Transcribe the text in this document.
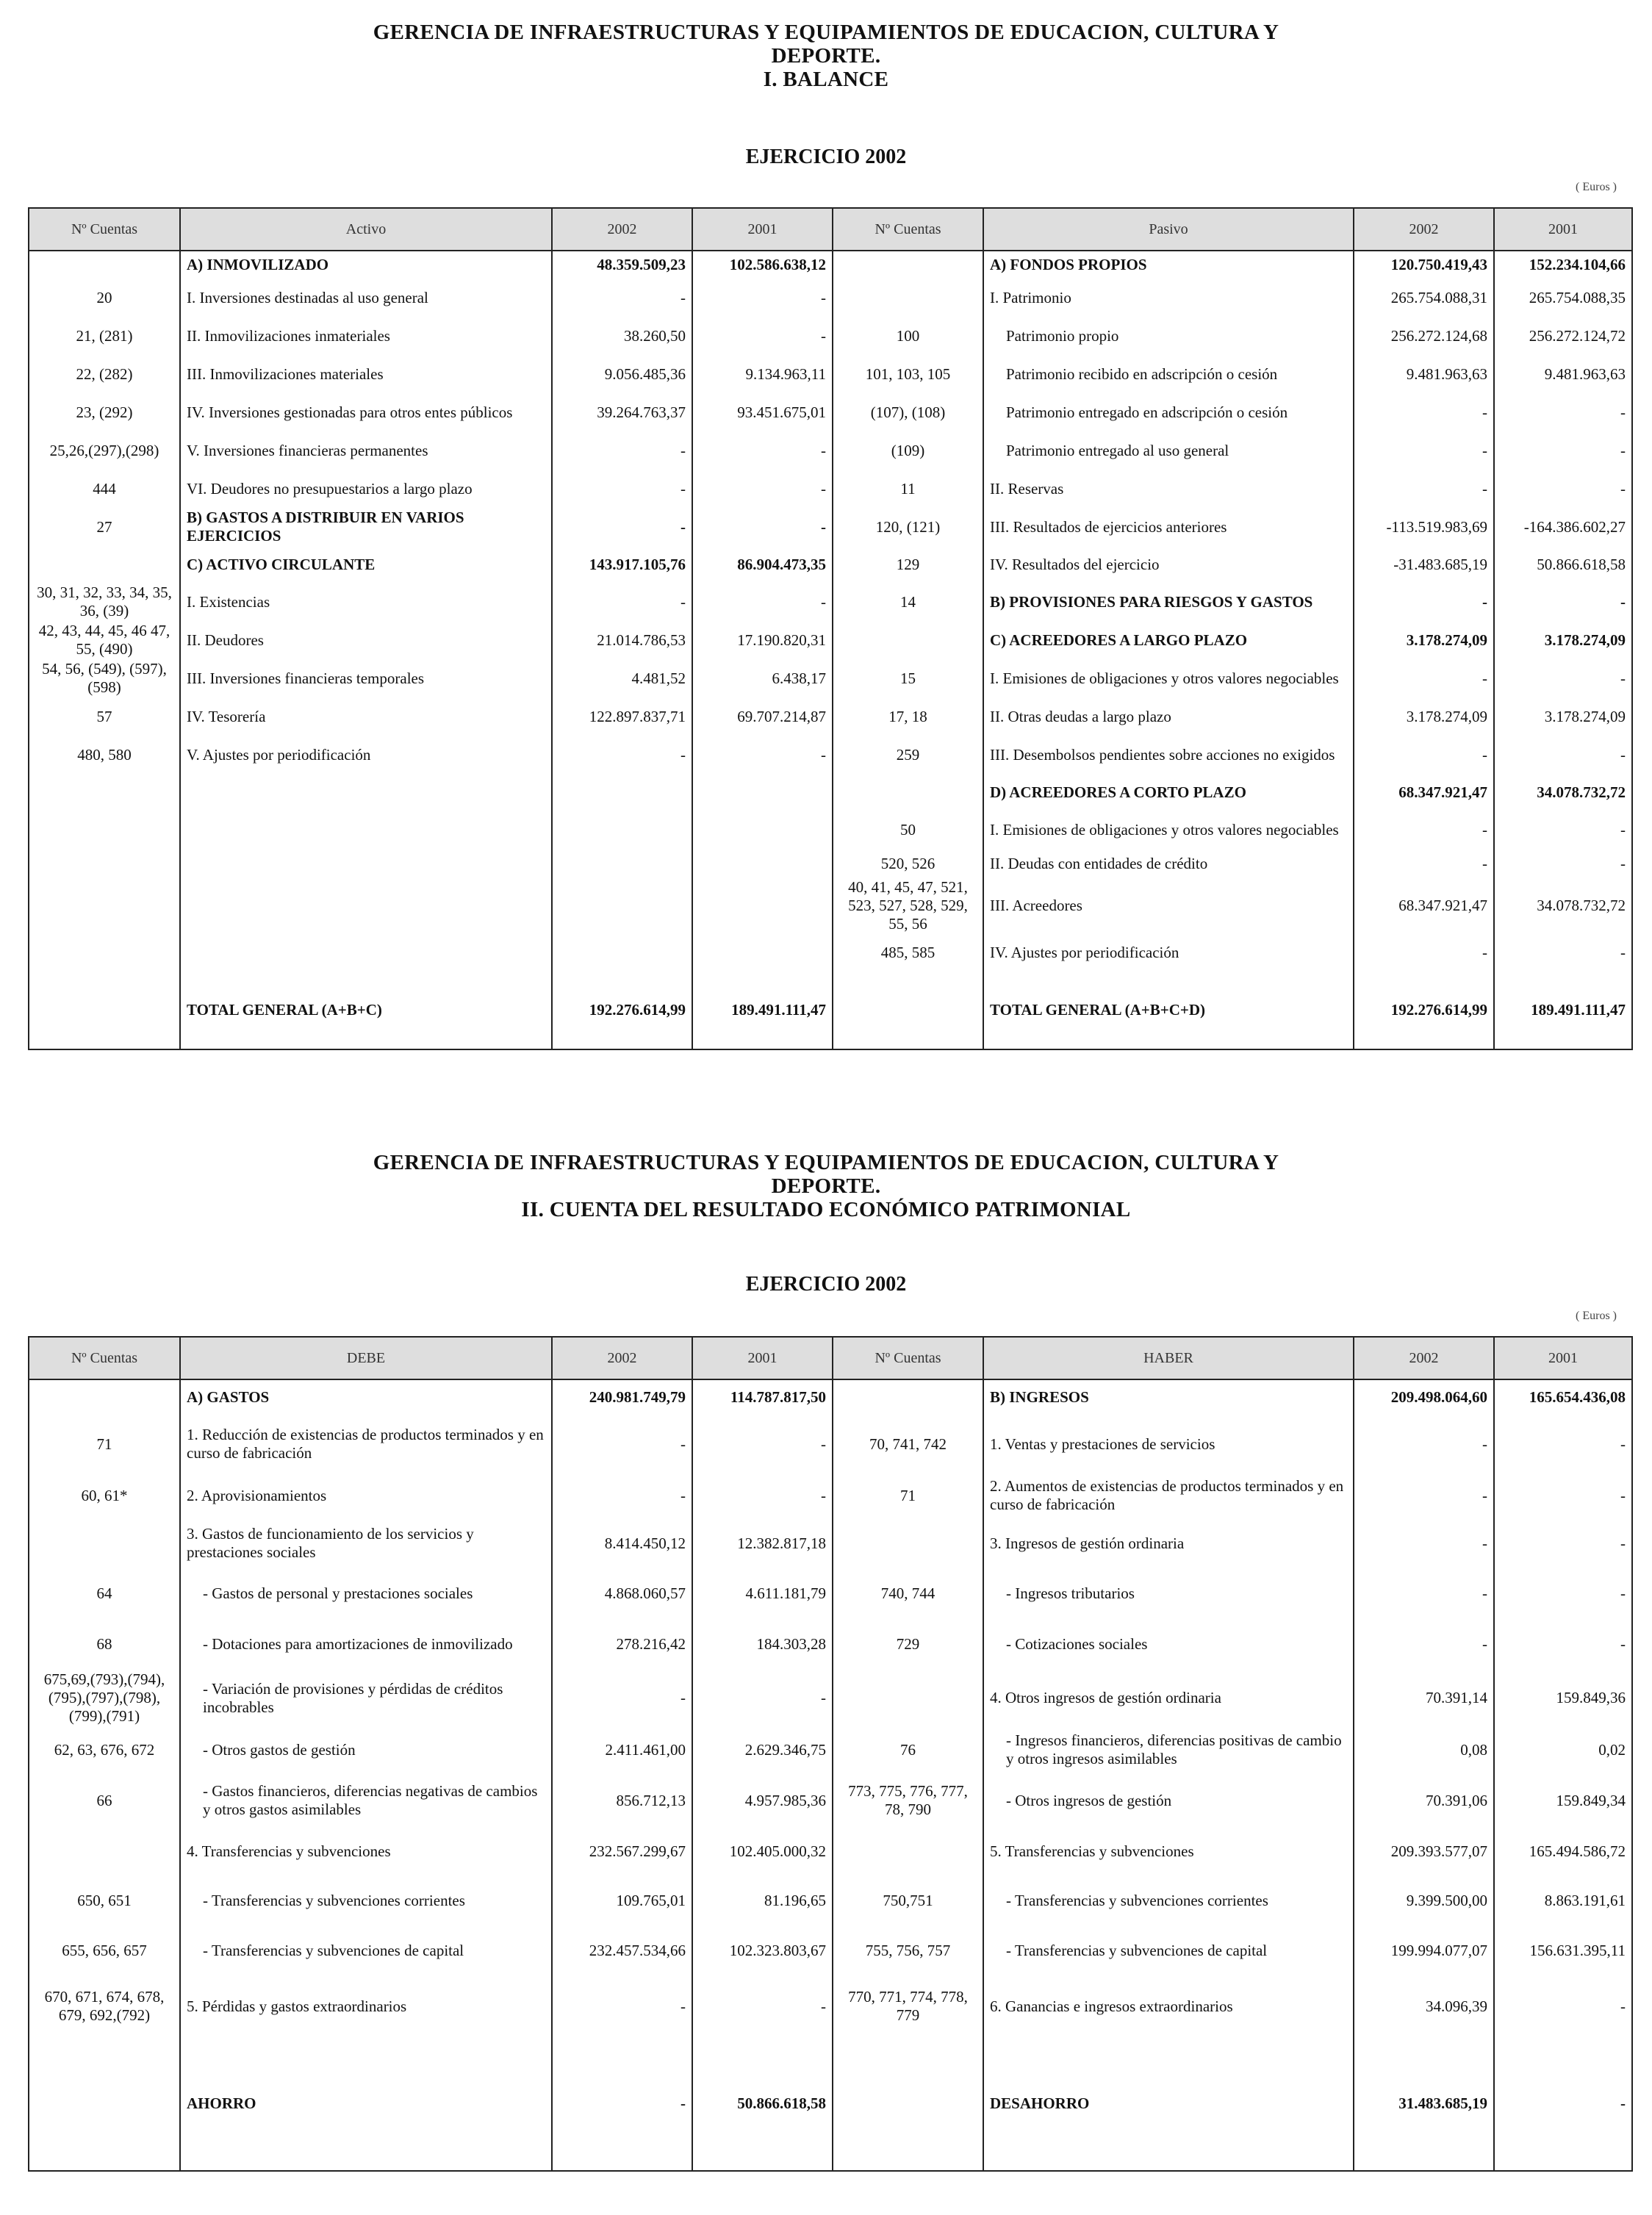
GERENCIA DE INFRAESTRUCTURAS Y EQUIPAMIENTOS DE EDUCACION, CULTURA Y
DEPORTE.
I. BALANCE
EJERCICIO 2002
( Euros )
Nº Cuentas	Activo	2002	2001	Nº Cuentas	Pasivo	2002	2001
	A) INMOVILIZADO	48.359.509,23	102.586.638,12		A) FONDOS PROPIOS	120.750.419,43	152.234.104,66
20	I. Inversiones destinadas al uso general	-	-		I. Patrimonio	265.754.088,31	265.754.088,35
21, (281)	II. Inmovilizaciones inmateriales	38.260,50	-	100	Patrimonio propio	256.272.124,68	256.272.124,72
22, (282)	III. Inmovilizaciones materiales	9.056.485,36	9.134.963,11	101, 103, 105	Patrimonio recibido en adscripción o cesión	9.481.963,63	9.481.963,63
23, (292)	IV. Inversiones gestionadas para otros entes públicos	39.264.763,37	93.451.675,01	(107), (108)	Patrimonio entregado en adscripción o cesión	-	-
25,26,(297),(298)	V. Inversiones financieras permanentes	-	-	(109)	Patrimonio entregado al uso general	-	-
444	VI. Deudores no presupuestarios a largo plazo	-	-	11	II. Reservas	-	-
27	B) GASTOS A DISTRIBUIR EN VARIOS EJERCICIOS	-	-	120, (121)	III. Resultados de ejercicios anteriores	-113.519.983,69	-164.386.602,27
	C) ACTIVO CIRCULANTE	143.917.105,76	86.904.473,35	129	IV. Resultados del ejercicio	-31.483.685,19	50.866.618,58
30, 31, 32, 33, 34, 35, 36, (39)	I. Existencias	-	-	14	B) PROVISIONES PARA RIESGOS Y GASTOS	-	-
42, 43, 44, 45, 46 47, 55, (490)	II. Deudores	21.014.786,53	17.190.820,31		C) ACREEDORES A LARGO PLAZO	3.178.274,09	3.178.274,09
54, 56, (549), (597), (598)	III. Inversiones financieras temporales	4.481,52	6.438,17	15	I. Emisiones de obligaciones y otros valores negociables	-	-
57	IV. Tesorería	122.897.837,71	69.707.214,87	17, 18	II. Otras deudas a largo plazo	3.178.274,09	3.178.274,09
480, 580	V. Ajustes por periodificación	-	-	259	III. Desembolsos pendientes sobre acciones no exigidos	-	-
					D) ACREEDORES A CORTO PLAZO	68.347.921,47	34.078.732,72
				50	I. Emisiones de obligaciones y otros valores negociables	-	-
				520, 526	II. Deudas con entidades de crédito	-	-
				40, 41, 45, 47, 521, 523, 527, 528, 529, 55, 56	III. Acreedores	68.347.921,47	34.078.732,72
				485, 585	IV. Ajustes por periodificación	-	-
	TOTAL GENERAL (A+B+C)	192.276.614,99	189.491.111,47		TOTAL GENERAL (A+B+C+D)	192.276.614,99	189.491.111,47
GERENCIA DE INFRAESTRUCTURAS Y EQUIPAMIENTOS DE EDUCACION, CULTURA Y
DEPORTE.
II. CUENTA DEL RESULTADO ECONÓMICO PATRIMONIAL
EJERCICIO 2002
( Euros )
Nº Cuentas	DEBE	2002	2001	Nº Cuentas	HABER	2002	2001
	A) GASTOS	240.981.749,79	114.787.817,50		B) INGRESOS	209.498.064,60	165.654.436,08
71	1. Reducción de existencias de productos terminados y en curso de fabricación	-	-	70, 741, 742	1. Ventas y prestaciones de servicios	-	-
60, 61*	2. Aprovisionamientos	-	-	71	2. Aumentos de existencias de productos terminados y en curso de fabricación	-	-
	3. Gastos de funcionamiento de los servicios y prestaciones sociales	8.414.450,12	12.382.817,18		3. Ingresos de gestión ordinaria	-	-
64	- Gastos de personal y prestaciones sociales	4.868.060,57	4.611.181,79	740, 744	- Ingresos tributarios	-	-
68	- Dotaciones para amortizaciones de inmovilizado	278.216,42	184.303,28	729	- Cotizaciones sociales	-	-
675,69,(793),(794), (795),(797),(798), (799),(791)	- Variación de provisiones y pérdidas de créditos incobrables	-	-		4. Otros ingresos de gestión ordinaria	70.391,14	159.849,36
62, 63, 676, 672	- Otros gastos de gestión	2.411.461,00	2.629.346,75	76	- Ingresos financieros, diferencias positivas de cambio y otros ingresos asimilables	0,08	0,02
66	- Gastos financieros, diferencias negativas de cambios y otros gastos asimilables	856.712,13	4.957.985,36	773, 775, 776, 777, 78, 790	- Otros ingresos de gestión	70.391,06	159.849,34
	4. Transferencias y subvenciones	232.567.299,67	102.405.000,32		5. Transferencias y subvenciones	209.393.577,07	165.494.586,72
650, 651	- Transferencias y subvenciones corrientes	109.765,01	81.196,65	750,751	- Transferencias y subvenciones corrientes	9.399.500,00	8.863.191,61
655, 656, 657	- Transferencias y subvenciones de capital	232.457.534,66	102.323.803,67	755, 756, 757	- Transferencias y subvenciones de capital	199.994.077,07	156.631.395,11
670, 671, 674, 678, 679, 692,(792)	5. Pérdidas y gastos extraordinarios	-	-	770, 771, 774, 778, 779	6. Ganancias e ingresos extraordinarios	34.096,39	-
	AHORRO	-	50.866.618,58		DESAHORRO	31.483.685,19	-
